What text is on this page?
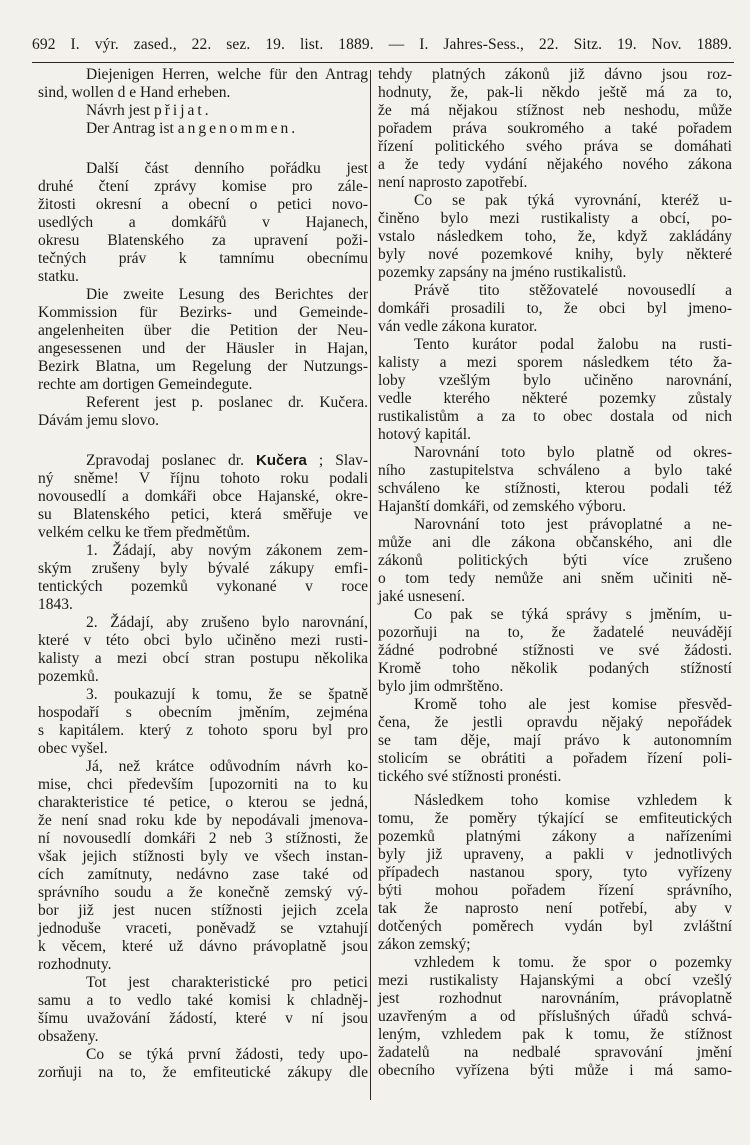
692 I. výr. zased., 22. sez. 19. list. 1889. — I. Jahres-Sess., 22. Sitz. 19. Nov. 1889.
Diejenigen Herren, welche für den Antrag
sind, wollen d e Hand erheben.
Návrh jest přijat.
Der Antrag ist angenommen.
Další část denního pořádku jest
druhé čtení zprávy komise pro zále-
žitosti okresní a obecní o petici novo-
usedlých a domkářů v Hajanech,
okresu Blatenského za upravení poži-
tečných práv k tamnímu obecnímu
statku.
Die zweite Lesung des Berichtes der
Kommission für Bezirks- und Gemeinde-
angelenheiten über die Petition der Neu-
angesessenen und der Häusler in Hajan,
Bezirk Blatna, um Regelung der Nutzungs-
rechte am dortigen Gemeindegute.
Referent jest p. poslanec dr. Kučera.
Dávám jemu slovo.
Zpravodaj poslanec dr. Kučera ; Slav-
ný sněme! V říjnu tohoto roku podali
novousedlí a domkáři obce Hajanské, okre-
su Blatenského petici, která směřuje ve
velkém celku ke třem předmětům.
1. Žádají, aby novým zákonem zem-
ským zrušeny byly bývalé zákupy emfi-
tentických pozemků vykonané v roce
1843.
2. Žádají, aby zrušeno bylo narovnání,
které v této obci bylo učiněno mezi rusti-
kalisty a mezi obcí stran postupu několika
pozemků.
3. poukazují k tomu, že se špatně
hospodaří s obecním jměním, zejména
s kapitálem. který z tohoto sporu byl pro
obec vyšel.
Já, než krátce odůvodním návrh ko-
mise, chci především [upozorniti na to ku
charakteristice té petice, o kterou se jedná,
že není snad roku kde by nepodávali jmenova-
ní novousedlí domkáři 2 neb 3 stížnosti, že
však jejich stížnosti byly ve všech instan-
cích zamítnuty, nedávno zase také od
správního soudu a že konečně zemský vý-
bor již jest nucen stížnosti jejich zcela
jednoduše vraceti, poněvadž se vztahují
k věcem, které už dávno právoplatně jsou
rozhodnuty.
Tot jest charakteristické pro petici
samu a to vedlo také komisi k chladněj-
šímu uvažování žádostí, které v ní jsou
obsaženy.
Co se týká první žádosti, tedy upo-
zorňuji na to, že emfiteutické zákupy dle
tehdy platných zákonů již dávno jsou roz-
hodnuty, že, pak-li někdo ještě má za to,
že má nějakou stížnost neb neshodu, může
pořadem práva soukromého a také pořadem
řízení politického svého práva se domáhati
a že tedy vydání nějakého nového zákona
není naprosto zapotřebí.
Co se pak týká vyrovnání, kteréž u-
činěno bylo mezi rustikalisty a obcí, po-
vstalo následkem toho, že, když zakládány
byly nové pozemkové knihy, byly některé
pozemky zapsány na jméno rustikalistů.
Právě tito stěžovatelé novousedlí a
domkáři prosadili to, že obci byl jmeno-
ván vedle zákona kurator.
Tento kurátor podal žalobu na rusti-
kalisty a mezi sporem následkem této ža-
loby vzešlým bylo učiněno narovnání,
vedle kterého některé pozemky zůstaly
rustikalistům a za to obec dostala od nich
hotový kapitál.
Narovnání toto bylo platně od okres-
ního zastupitelstva schváleno a bylo také
schváleno ke stížnosti, kterou podali též
Hajanští domkáři, od zemského výboru.
Narovnání toto jest právoplatné a ne-
může ani dle zákona občanského, ani dle
zákonů politických býti více zrušeno
o tom tedy nemůže ani sněm učiniti ně-
jaké usnesení.
Co pak se týká správy s jměním, u-
pozorňuji na to, že žadatelé neuvádějí
žádné podrobné stížnosti ve své žádosti.
Kromě toho několik podaných stížností
bylo jim odmrštěno.
Kromě toho ale jest komise přesvěd-
čena, že jestli opravdu nějaký nepořádek
se tam děje, mají právo k autonomním
stolicím se obrátiti a pořadem řízení poli-
tického své stížnosti pronésti.
Následkem toho komise vzhledem k
tomu, že poměry týkající se emfiteutických
pozemků platnými zákony a nařízeními
byly již upraveny, a pakli v jednotlivých
případech nastanou spory, tyto vyřízeny
býti mohou pořadem řízení správního,
tak že naprosto není potřebí, aby v
dotčených poměrech vydán byl zvláštní
zákon zemský;
vzhledem k tomu. že spor o pozemky
mezi rustikalisty Hajanskými a obcí vzešlý
jest rozhodnut narovnáním, právoplatně
uzavřeným a od příslušných úřadů schvá-
leným, vzhledem pak k tomu, že stížnost
žadatelů na nedbalé spravování jmění
obecního vyřízena býti může i má samo-
